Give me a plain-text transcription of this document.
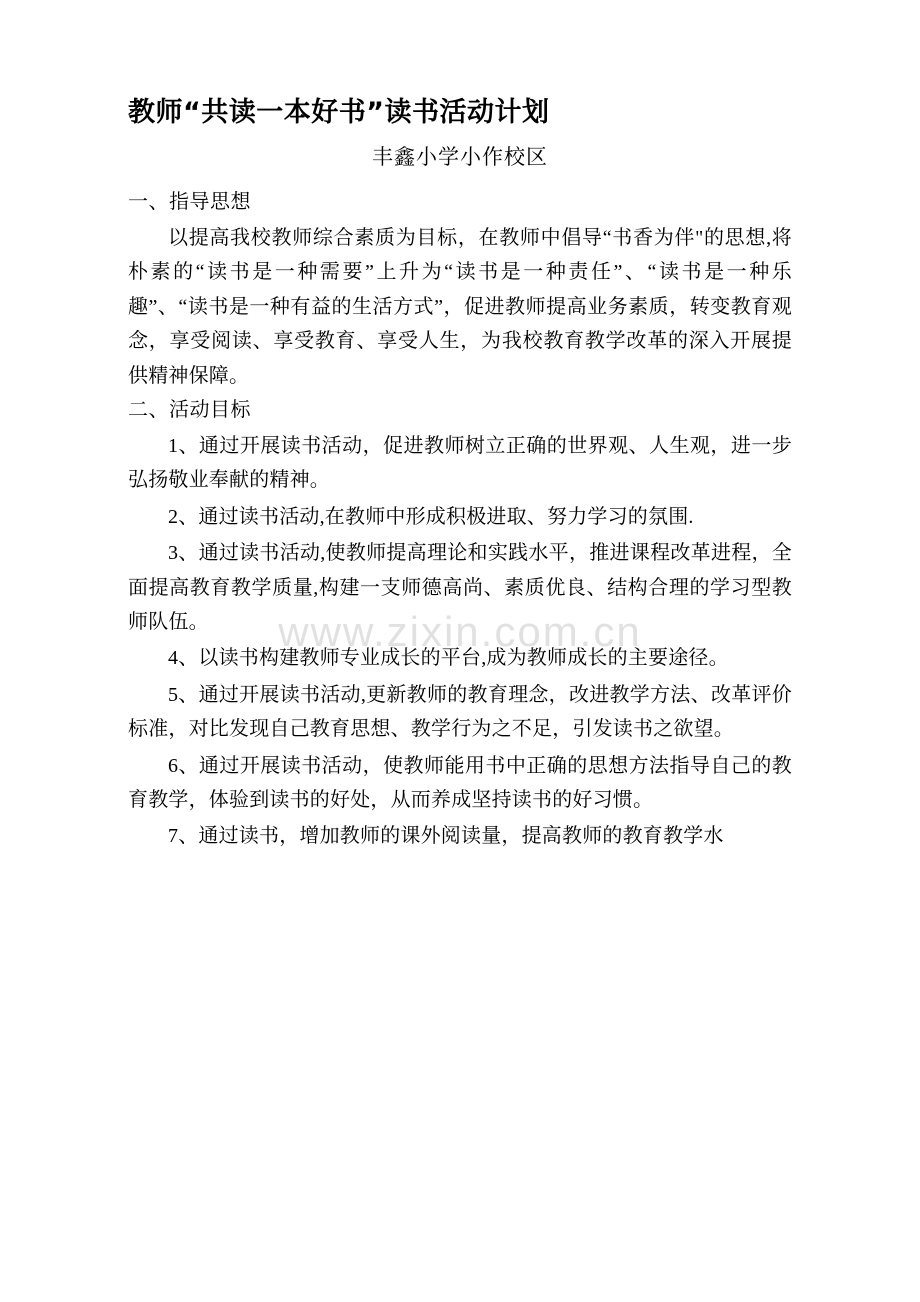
教师“共读一本好书”读书活动计划
丰鑫小学小作校区
一、指导思想

以提高我校教师综合素质为目标，在教师中倡导“书香为伴"的思想,将朴素的“读书是一种需要”上升为“读书是一种责任”、“读书是一种乐趣”、“读书是一种有益的生活方式”，促进教师提高业务素质，转变教育观念，享受阅读、享受教育、享受人生，为我校教育教学改革的深入开展提供精神保障。

二、活动目标

1、通过开展读书活动，促进教师树立正确的世界观、人生观，进一步弘扬敬业奉献的精神。

2、通过读书活动,在教师中形成积极进取、努力学习的氛围.

3、通过读书活动,使教师提高理论和实践水平，推进课程改革进程，全面提高教育教学质量,构建一支师德高尚、素质优良、结构合理的学习型教师队伍。

4、以读书构建教师专业成长的平台,成为教师成长的主要途径。

5、通过开展读书活动,更新教师的教育理念，改进教学方法、改革评价标准，对比发现自己教育思想、教学行为之不足，引发读书之欲望。

6、通过开展读书活动，使教师能用书中正确的思想方法指导自己的教育教学，体验到读书的好处，从而养成坚持读书的好习惯。

7、通过读书，增加教师的课外阅读量，提高教师的教育教学水

www.zixin.com.cn
